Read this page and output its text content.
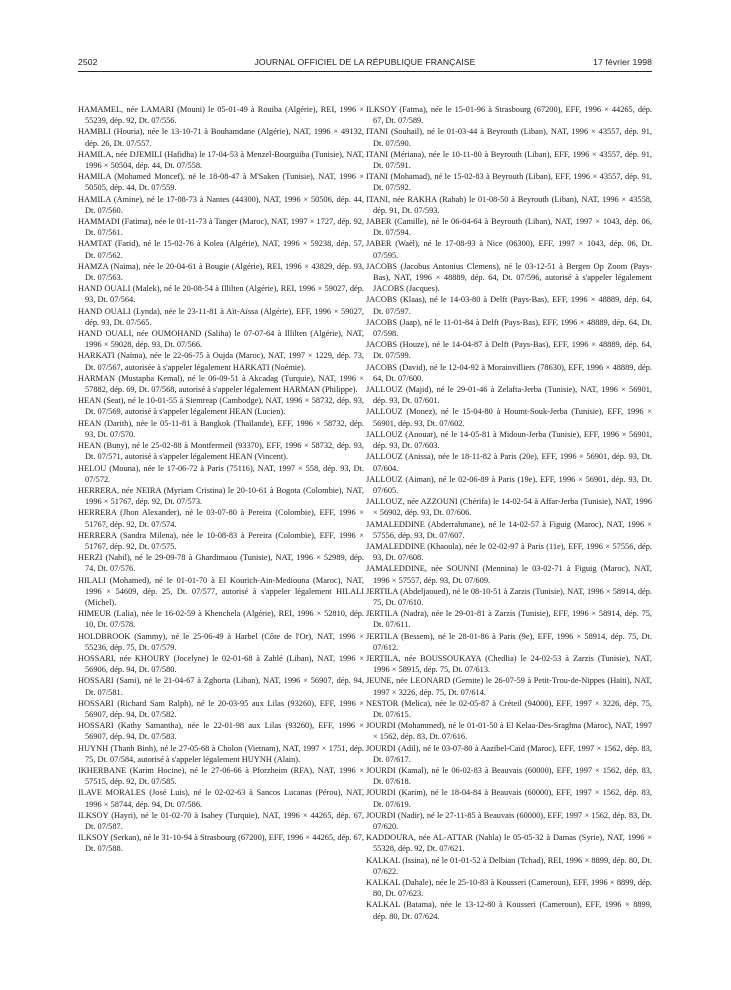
2502	JOURNAL OFFICIEL DE LA RÉPUBLIQUE FRANÇAISE	17 février 1998

HAMAMEL, née LAMARI (Mouni) le 05-01-49 à Rouiba (Algérie), REI, 1996 × 55239, dép. 92, Dt. 07/556.

HAMBLI (Houria), née le 13-10-71 à Bouhamdane (Algérie), NAT, 1996 × 49132, dép. 26, Dt. 07/557.

HAMILA, née DJEMILI (Hafidha) le 17-04-53 à Menzel-Bourguiba (Tunisie), NAT, 1996 × 50504, dép. 44, Dt. 07/558.

HAMILA (Mohamed Moncef), né le 18-08-47 à M'Saken (Tunisie), NAT, 1996 × 50505, dép. 44, Dt. 07/559.

HAMILA (Amine), né le 17-08-73 à Nantes (44300), NAT, 1996 × 50506, dép. 44, Dt. 07/560.

HAMMADI (Fatima), née le 01-11-73 à Tanger (Maroc), NAT, 1997 × 1727, dép. 92, Dt. 07/561.

HAMTAT (Farid), né le 15-02-76 à Kolea (Algérie), NAT, 1996 × 59238, dép. 57, Dt. 07/562.

HAMZA (Naima), née le 20-04-61 à Bougie (Algérie), REI, 1996 × 43829, dép. 93, Dt. 07/563.

HAND OUALI (Malek), né le 20-08-54 à Illilten (Algérie), REI, 1996 × 59027, dép. 93, Dt. 07/564.

HAND OUALI (Lynda), née le 23-11-81 à Aït-Aïssa (Algérie), EFF, 1996 × 59027, dép. 93, Dt. 07/565.

HAND OUALI, née OUMOHAND (Saliha) le 07-07-64 à Illilten (Algérie), NAT, 1996 × 59028, dép. 93, Dt. 07/566.

HARKATI (Naïma), née le 22-06-75 à Oujda (Maroc), NAT, 1997 × 1229, dép. 73, Dt. 07/567, autorisée à s'appeler légalement HARKATI (Noémie).

HARMAN (Mustapha Kemal), né le 06-09-51 à Akcadag (Turquie), NAT, 1996 × 57882, dép. 69, Dt. 07/568, autorisé à s'appeler légalement HARMAN (Philippe).

HEAN (Seat), né le 10-01-55 à Siemreap (Cambodge), NAT, 1996 × 58732, dép. 93, Dt. 07/569, autorisé à s'appeler légalement HEAN (Lucien).

HEAN (Darith), née le 05-11-81 à Bangkok (Thaïlande), EFF, 1996 × 58732, dép. 93, Dt. 07/570.

HEAN (Buny), né le 25-02-88 à Montfermeil (93370), EFF, 1996 × 58732, dép. 93, Dt. 07/571, autorisé à s'appeler légalement HEAN (Vincent).

HELOU (Mouna), née le 17-06-72 à Paris (75116), NAT, 1997 × 558, dép. 93, Dt. 07/572.

HERRERA, née NEIRA (Myriam Cristina) le 20-10-61 à Bogota (Colombie), NAT, 1996 × 51767, dép. 92, Dt. 07/573.

HERRERA (Jhon Alexander), né le 03-07-80 à Pereira (Colombie), EFF, 1996 × 51767, dép. 92, Dt. 07/574.

HERRERA (Sandra Milena), née le 10-08-83 à Pereira (Colombie), EFF, 1996 × 51767, dép. 92, Dt. 07/575.

HERZI (Nabil), né le 29-09-78 à Ghardimaou (Tunisie), NAT, 1996 × 52989, dép. 74, Dt. 07/576.

HILALI (Mohamed), né le 01-01-70 à El Kourich-Ain-Mediouna (Maroc), NAT, 1996 × 54609, dép. 25, Dt. 07/577, autorisé à s'appeler légalement HILALI (Michel).

HIMEUR (Lalia), née le 16-02-59 à Khenchela (Algérie), REI, 1996 × 52810, dép. 10, Dt. 07/578.

HOLDBROOK (Sammy), né le 25-06-49 à Harbel (Côte de l'Or), NAT, 1996 × 55236, dép. 75, Dt. 07/579.

HOSSARI, née KHOURY (Jocelyne) le 02-01-68 à Zahlé (Liban), NAT, 1996 × 56906, dép. 94, Dt. 07/580.

HOSSARI (Sami), né le 21-04-67 à Zghorta (Liban), NAT, 1996 × 56907, dép. 94, Dt. 07/581.

HOSSARI (Richard Sam Ralph), né le 20-03-95 aux Lilas (93260), EFF, 1996 × 56907, dép. 94, Dt. 07/582.

HOSSARI (Kathy Samantha), née le 22-01-98 aux Lilas (93260), EFF, 1996 × 56907, dép. 94, Dt. 07/583.

HUYNH (Thanh Binh), né le 27-05-68 à Cholon (Vietnam), NAT, 1997 × 1751, dép. 75, Dt. 07/584, autorisé à s'appeler légalement HUYNH (Alain).

IKHERBANE (Karim Hocine), né le 27-06-66 à Pforzheim (RFA), NAT, 1996 × 57515, dép. 92, Dt. 07/585.

ILAVE MORALES (José Luis), né le 02-02-63 à Sancos Lucanas (Pérou), NAT, 1996 × 58744, dép. 94, Dt. 07/586.

ILKSOY (Hayri), né le 01-02-70 à Isabey (Turquie), NAT, 1996 × 44265, dép. 67, Dt. 07/587.

ILKSOY (Serkan), né le 31-10-94 à Strasbourg (67200), EFF, 1996 × 44265, dép. 67, Dt. 07/588.

ILKSOY (Fatma), née le 15-01-96 à Strasbourg (67200), EFF, 1996 × 44265, dép. 67, Dt. 07/589.

ITANI (Souhail), né le 01-03-44 à Beyrouth (Liban), NAT, 1996 × 43557, dép. 91, Dt. 07/590.

ITANI (Mériana), née le 10-11-80 à Beyrouth (Liban), EFF, 1996 × 43557, dép. 91, Dt. 07/591.

ITANI (Mohamad), né le 15-02-83 à Beyrouth (Liban), EFF, 1996 × 43557, dép. 91, Dt. 07/592.

ITANI, née RAKHA (Rabab) le 01-08-50 à Beyrouth (Liban), NAT, 1996 × 43558, dép. 91, Dt. 07/593.

JABER (Camille), né le 06-04-64 à Beyrouth (Liban), NAT, 1997 × 1043, dép. 06, Dt. 07/594.

JABER (Waël), né le 17-08-93 à Nice (06300), EFF, 1997 × 1043, dép. 06, Dt. 07/595.

JACOBS (Jacobus Antonius Clemens), né le 03-12-51 à Bergen Op Zoom (Pays-Bas), NAT, 1996 × 48889, dép. 64, Dt. 07/596, autorisé à s'appeler légalement JACOBS (Jacques).

JACOBS (Klaas), né le 14-03-80 à Delft (Pays-Bas), EFF, 1996 × 48889, dép. 64, Dt. 07/597.

JACOBS (Jaap), né le 11-01-84 à Delft (Pays-Bas), EFF, 1996 × 48889, dép. 64, Dt. 07/598.

JACOBS (Houze), né le 14-04-87 à Delft (Pays-Bas), EFF, 1996 × 48889, dép. 64, Dt. 07/599.

JACOBS (David), né le 12-04-92 à Morainvilliers (78630), EFF, 1996 × 48889, dép. 64, Dt. 07/600.

JALLOUZ (Majid), né le 29-01-46 à Zelafta-Jerba (Tunisie), NAT, 1996 × 56901, dép. 93, Dt. 07/601.

JALLOUZ (Monez), né le 15-04-80 à Houmt-Souk-Jerba (Tunisie), EFF, 1996 × 56901, dép. 93, Dt. 07/602.

JALLOUZ (Anouar), né le 14-05-81 à Midoun-Jerba (Tunisie), EFF, 1996 × 56901, dép. 93, Dt. 07/603.

JALLOUZ (Anissa), née le 18-11-82 à Paris (20e), EFF, 1996 × 56901, dép. 93, Dt. 07/604.

JALLOUZ (Aiman), né le 02-06-89 à Paris (19e), EFF, 1996 × 56901, dép. 93, Dt. 07/605.

JALLOUZ, née AZZOUNI (Chérifa) le 14-02-54 à Affar-Jerba (Tunisie), NAT, 1996 × 56902, dép. 93, Dt. 07/606.

JAMALEDDINE (Abderrahmane), né le 14-02-57 à Figuig (Maroc), NAT, 1996 × 57556, dép. 93, Dt. 07/607.

JAMALEDDINE (Khaoula), née le 02-02-97 à Paris (11e), EFF, 1996 × 57556, dép. 93, Dt. 07/608.

JAMALEDDINE, née SOUNNI (Mennina) le 03-02-71 à Figuig (Maroc), NAT, 1996 × 57557, dép. 93, Dt. 07/609.

JERTILA (Abdeljaoued), né le 08-10-51 à Zarzis (Tunisie), NAT, 1996 × 58914, dép. 75, Dt. 07/610.

JERTILA (Nadra), née le 29-01-81 à Zarzis (Tunisie), EFF, 1996 × 58914, dép. 75, Dt. 07/611.

JERTILA (Bessem), né le 28-01-86 à Paris (9e), EFF, 1996 × 58914, dép. 75, Dt. 07/612.

JERTILA, née BOUSSOUKAYA (Chedlia) le 24-02-53 à Zarzis (Tunisie), NAT, 1996 × 58915, dép. 75, Dt. 07/613.

JEUNE, née LEONARD (Gernite) le 26-07-59 à Petit-Trou-de-Nippes (Haïti), NAT, 1997 × 3226, dép. 75, Dt. 07/614.

NESTOR (Melica), née le 02-05-87 à Créteil (94000), EFF, 1997 × 3226, dép. 75, Dt. 07/615.

JOURDI (Mohammed), né le 01-01-50 à El Kelaa-Des-Sraghna (Maroc), NAT, 1997 × 1562, dép. 83, Dt. 07/616.

JOURDI (Adil), né le 03-07-80 à Aazibel-Caïd (Maroc), EFF, 1997 × 1562, dép. 83, Dt. 07/617.

JOURDI (Kamal), né le 06-02-83 à Beauvais (60000), EFF, 1997 × 1562, dép. 83, Dt. 07/618.

JOURDI (Karim), né le 18-04-84 à Beauvais (60000), EFF, 1997 × 1562, dép. 83, Dt. 07/619.

JOURDI (Nadir), né le 27-11-85 à Beauvais (60000), EFF, 1997 × 1562, dép. 83, Dt. 07/620.

KADDOURA, née AL-ATTAR (Nahla) le 05-05-32 à Damas (Syrie), NAT, 1996 × 55328, dép. 92, Dt. 07/621.

KALKAL (Issina), né le 01-01-52 à Delbian (Tchad), REI, 1996 × 8899, dép. 80, Dt. 07/622.

KALKAL (Dahale), née le 25-10-83 à Kousseri (Cameroun), EFF, 1996 × 8899, dép. 80, Dt. 07/623.

KALKAL (Batama), née le 13-12-80 à Kousseri (Cameroun), EFF, 1996 × 8899, dép. 80, Dt. 07/624.
